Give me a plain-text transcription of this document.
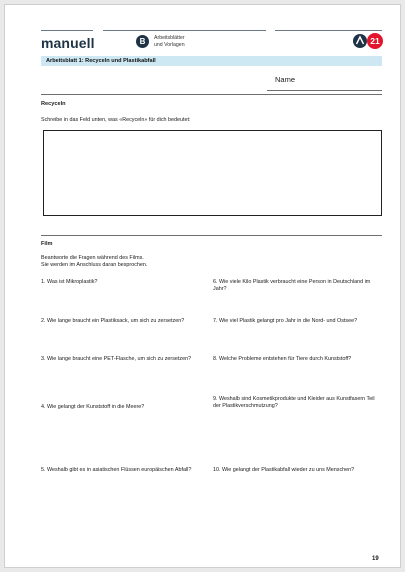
manuell	B	Arbeitsblätter
und Vorlagen	21
Arbeitsblatt 1: Recyceln und Plastikabfall
Name
Recyceln
Schreibe in das Feld unten, was «Recyceln» für dich bedeutet:
Film
Beantworte die Fragen während des Films.
Sie werden im Anschluss daran besprochen.
1. Was ist Mikroplastik?
2. Wie lange braucht ein Plastiksack, um sich zu zersetzen?
3. Wie lange braucht eine PET-Flasche, um sich zu zersetzen?
4. Wie gelangt der Kunststoff in die Meere?
5. Weshalb gibt es in asiatischen Flüssen europäischen Abfall?
6. Wie viele Kilo Plastik verbraucht eine Person in Deutschland im Jahr?
7. Wie viel Plastik gelangt pro Jahr in die Nord- und Ostsee?
8. Welche Probleme entstehen für Tiere durch Kunststoff?
9. Weshalb sind Kosmetikprodukte und Kleider aus Kunstfasern Teil der Plastikverschmutzung?
10. Wie gelangt der Plastikabfall wieder zu uns Menschen?
19
